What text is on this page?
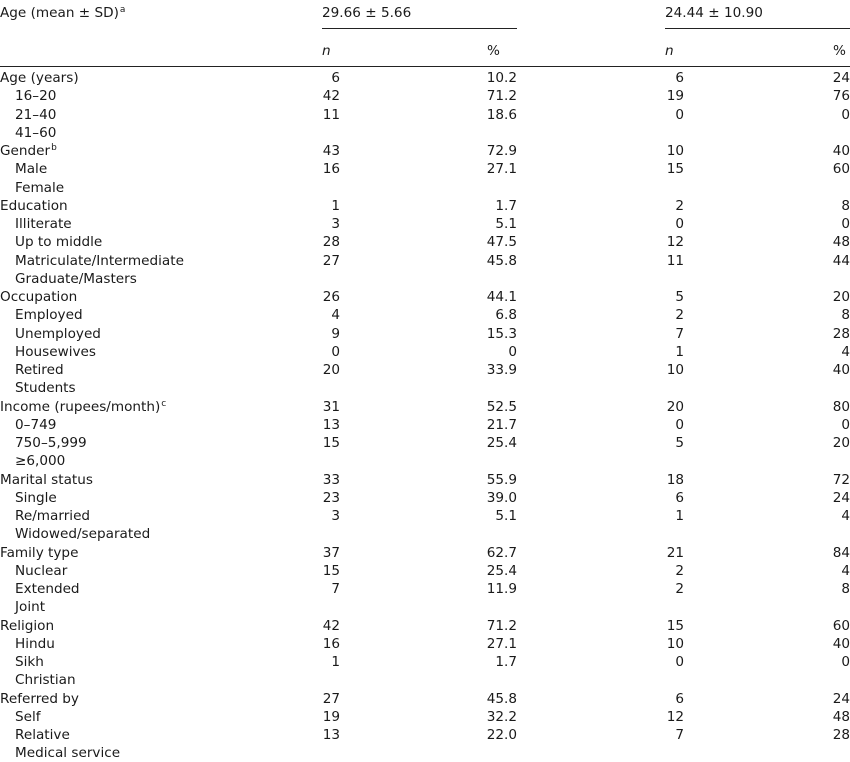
Age (mean ± SD)$^a$	29.66 ± 5.66	24.44 ± 10.90
n	%	n	%
Age (years)	6	10.2	6	24
16–20	42	71.2	19	76
21–40	11	18.6	0	0
41–60
Gender$^b$	43	72.9	10	40
Male	16	27.1	15	60
Female
Education	1	1.7	2	8
Illiterate	3	5.1	0	0
Up to middle	28	47.5	12	48
Matriculate/Intermediate	27	45.8	11	44
Graduate/Masters
Occupation	26	44.1	5	20
Employed	4	6.8	2	8
Unemployed	9	15.3	7	28
Housewives	0	0	1	4
Retired	20	33.9	10	40
Students
Income (rupees/month)$^c$	31	52.5	20	80
0–749	13	21.7	0	0
750–5,999	15	25.4	5	20
≥6,000
Marital status	33	55.9	18	72
Single	23	39.0	6	24
Re/married	3	5.1	1	4
Widowed/separated
Family type	37	62.7	21	84
Nuclear	15	25.4	2	4
Extended	7	11.9	2	8
Joint
Religion	42	71.2	15	60
Hindu	16	27.1	10	40
Sikh	1	1.7	0	0
Christian
Referred by	27	45.8	6	24
Self	19	32.2	12	48
Relative	13	22.0	7	28
Medical service
